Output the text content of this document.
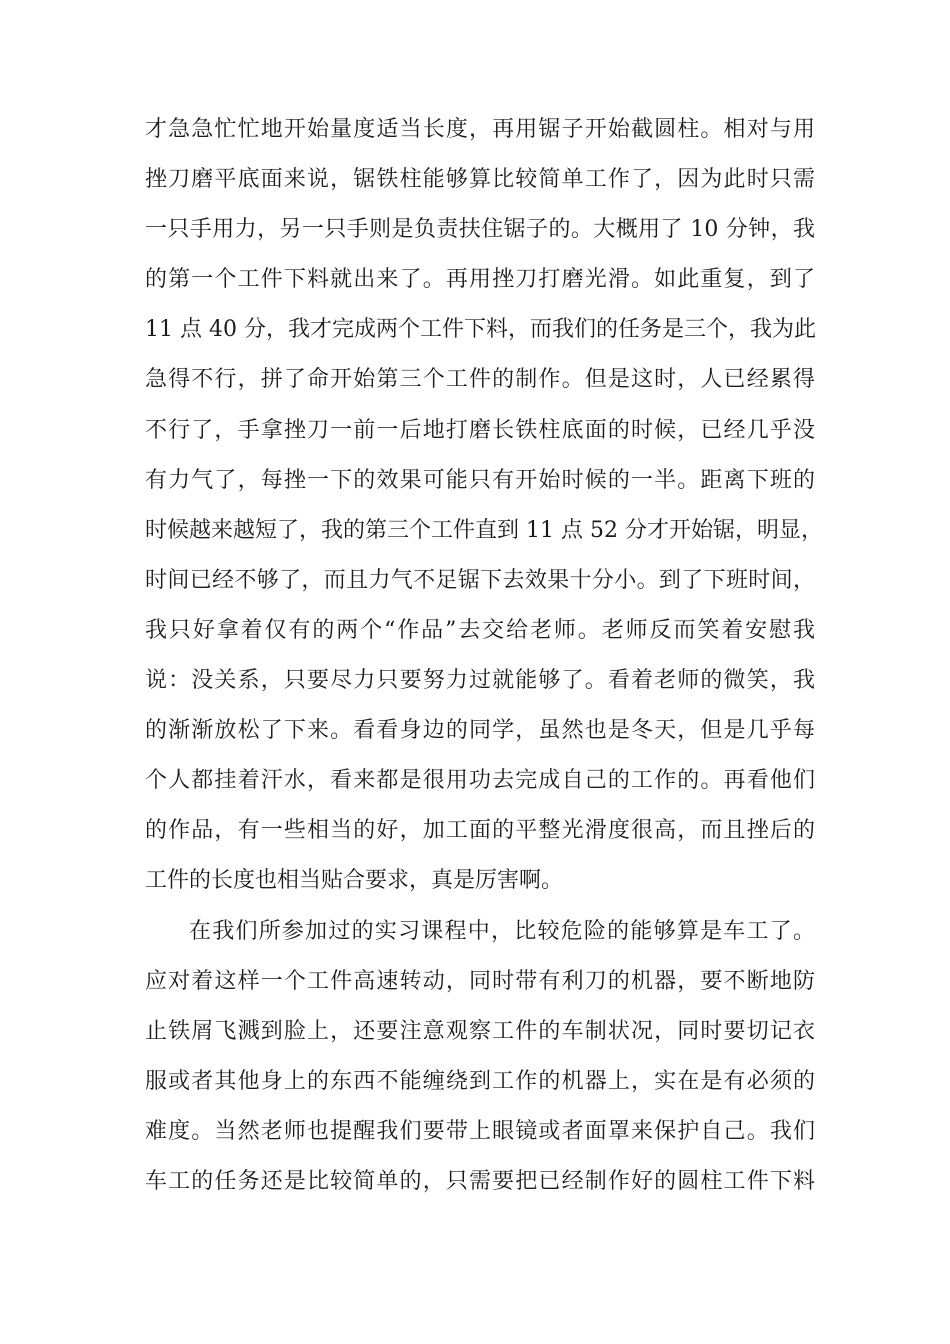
才急急忙忙地开始量度适当长度，再用锯子开始截圆柱。相对与用
挫刀磨平底面来说，锯铁柱能够算比较简单工作了，因为此时只需
一只手用力，另一只手则是负责扶住锯子的。大概用了 10 分钟，我
的第一个工件下料就出来了。再用挫刀打磨光滑。如此重复，到了
11 点 40 分，我才完成两个工件下料，而我们的任务是三个，我为此
急得不行，拼了命开始第三个工件的制作。但是这时，人已经累得
不行了，手拿挫刀一前一后地打磨长铁柱底面的时候，已经几乎没
有力气了，每挫一下的效果可能只有开始时候的一半。距离下班的
时候越来越短了，我的第三个工件直到 11 点 52 分才开始锯，明显，
时间已经不够了，而且力气不足锯下去效果十分小。到了下班时间，
我只好拿着仅有的两个“作品”去交给老师。老师反而笑着安慰我
说：没关系，只要尽力只要努力过就能够了。看着老师的微笑，我
的渐渐放松了下来。看看身边的同学，虽然也是冬天，但是几乎每
个人都挂着汗水，看来都是很用功去完成自己的工作的。再看他们
的作品，有一些相当的好，加工面的平整光滑度很高，而且挫后的
工件的长度也相当贴合要求，真是厉害啊。
在我们所参加过的实习课程中，比较危险的能够算是车工了。
应对着这样一个工件高速转动，同时带有利刀的机器，要不断地防
止铁屑飞溅到脸上，还要注意观察工件的车制状况，同时要切记衣
服或者其他身上的东西不能缠绕到工作的机器上，实在是有必须的
难度。当然老师也提醒我们要带上眼镜或者面罩来保护自己。我们
车工的任务还是比较简单的，只需要把已经制作好的圆柱工件下料
